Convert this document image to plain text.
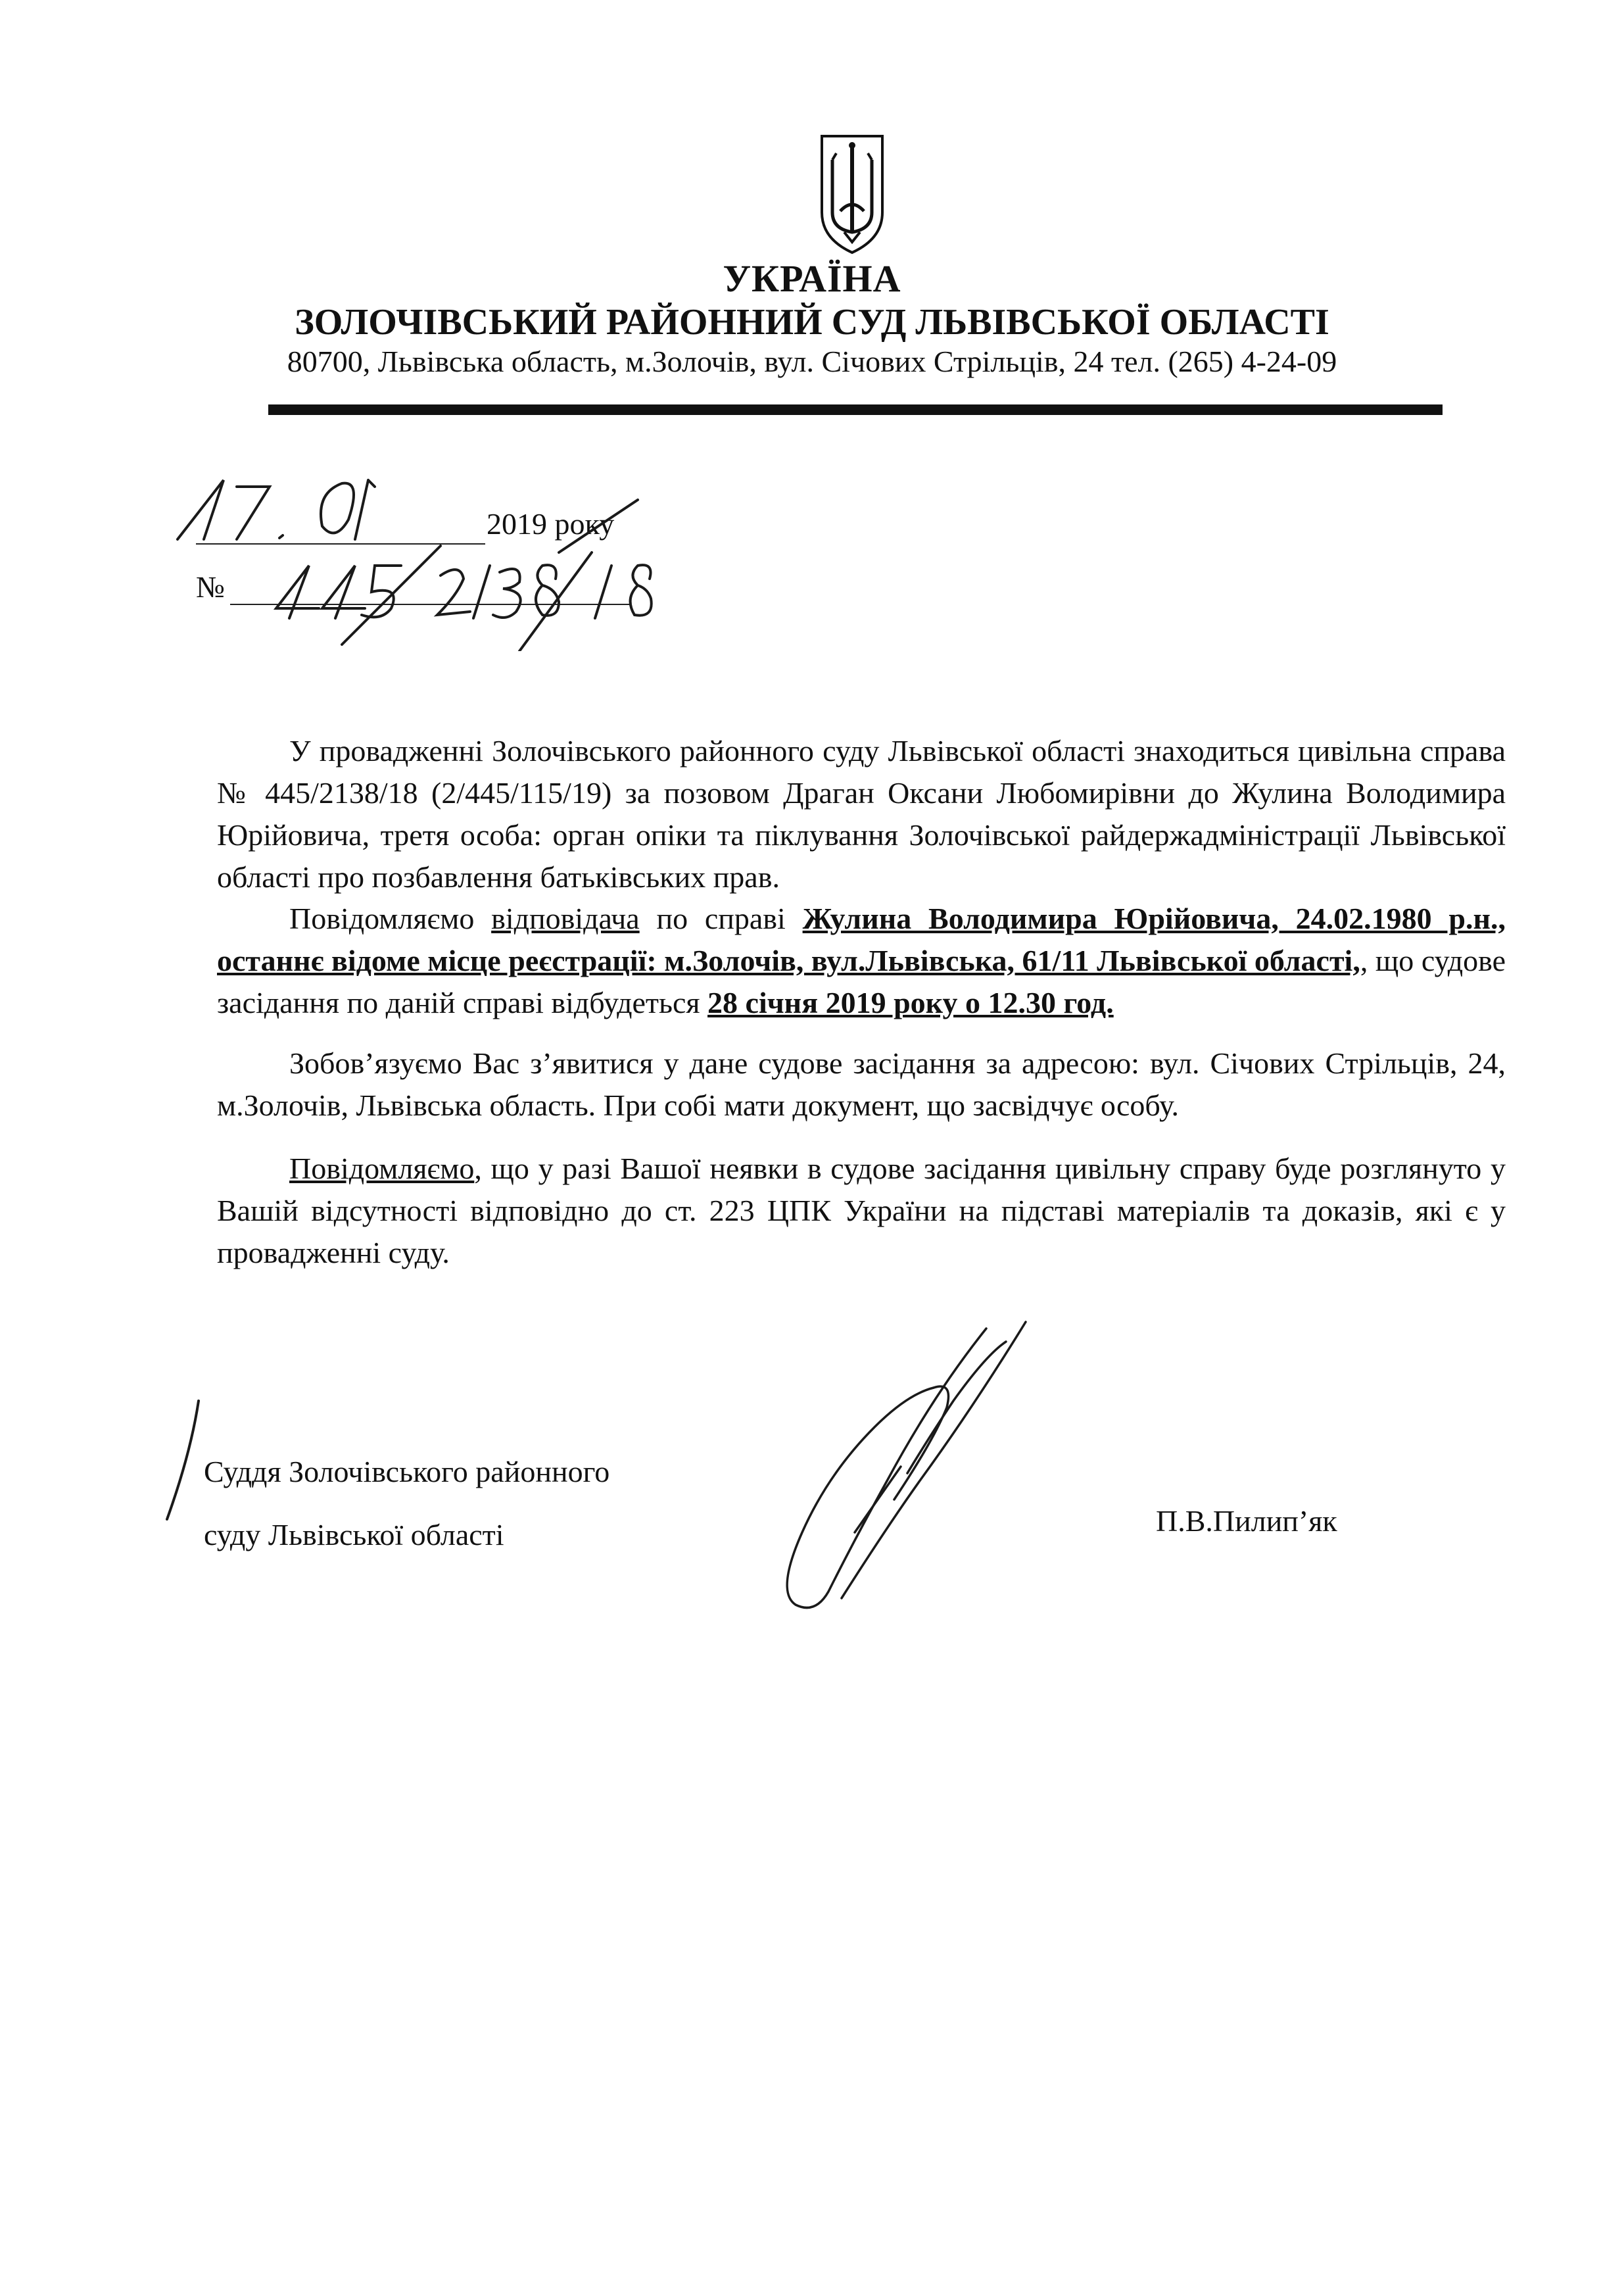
УКРАЇНА
ЗОЛОЧІВСЬКИЙ РАЙОННИЙ СУД ЛЬВІВСЬКОЇ ОБЛАСТІ
80700, Львівська область, м.Золочів, вул. Січових Стрільців, 24 тел. (265) 4-24-09
2019 року
№

У провадженні Золочівського районного суду Львівської області знаходиться цивільна справа № 445/2138/18 (2/445/115/19) за позовом Драган Оксани Любомирівни до Жулина Володимира Юрійовича, третя особа: орган опіки та піклування Золочівської райдержадміністрації Львівської області про позбавлення батьківських прав.

Повідомляємо відповідача по справі Жулина Володимира Юрійовича, 24.02.1980 р.н., останнє відоме місце реєстрації: м.Золочів, вул.Львівська, 61/11 Львівської області,, що судове засідання по даній справі відбудеться 28 січня 2019 року о 12.30 год.

Зобов’язуємо Вас з’явитися у дане судове засідання за адресою: вул. Січових Стрільців, 24, м.Золочів, Львівська область. При собі мати документ, що засвідчує особу.

Повідомляємо, що у разі Вашої неявки в судове засідання цивільну справу буде розглянуто у Вашій відсутності відповідно до ст. 223 ЦПК України на підставі матеріалів та доказів, які є у провадженні суду.

Суддя Золочівського районного
суду Львівської області	П.В.Пилип’як
